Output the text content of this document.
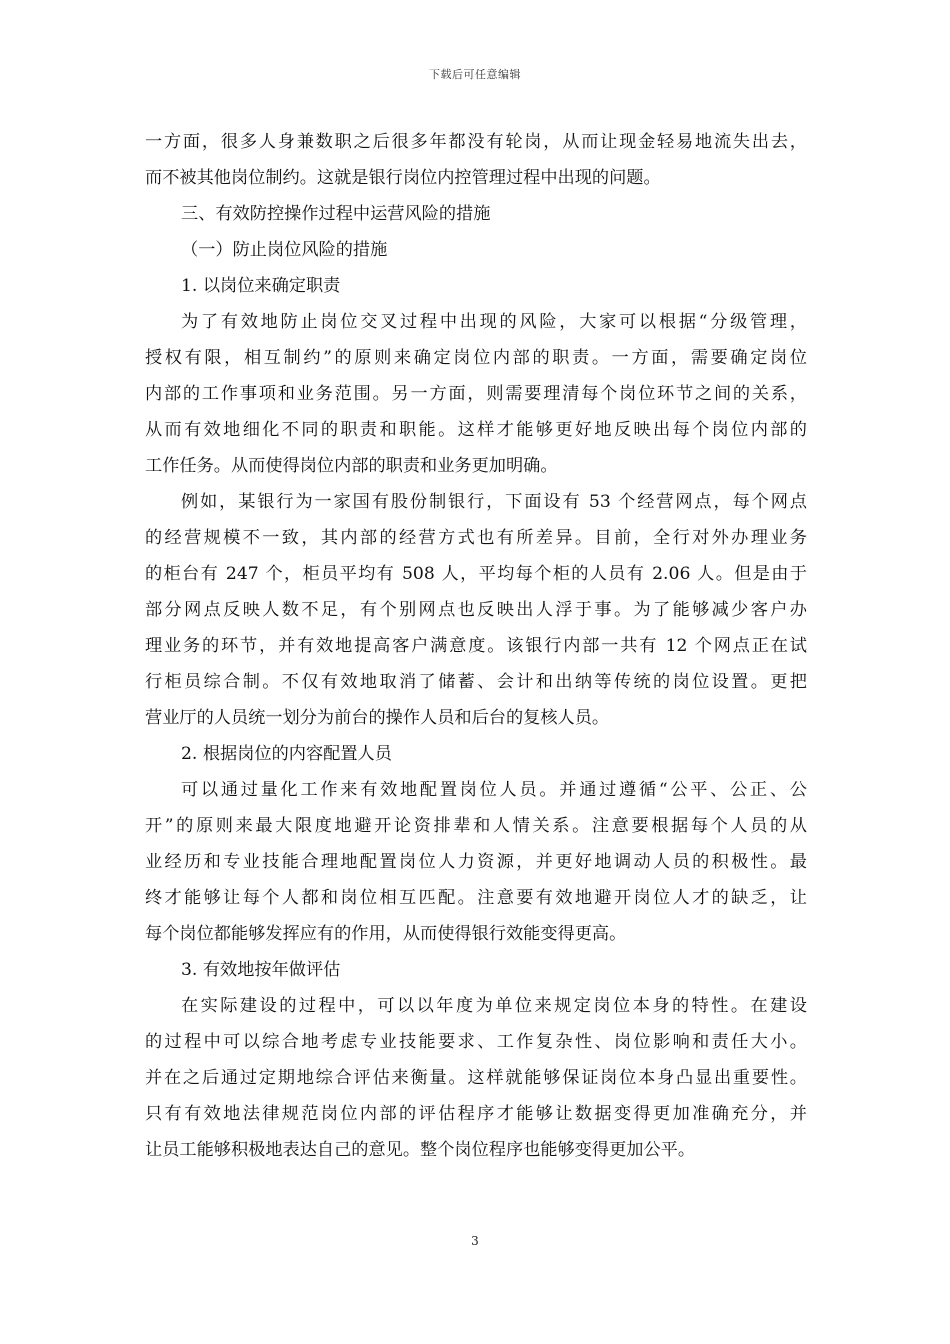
下载后可任意编辑
一方面，很多人身兼数职之后很多年都没有轮岗，从而让现金轻易地流失出去，
而不被其他岗位制约。这就是银行岗位内控管理过程中出现的问题。
三、有效防控操作过程中运营风险的措施
（一）防止岗位风险的措施
1. 以岗位来确定职责
为了有效地防止岗位交叉过程中出现的风险，大家可以根据“分级管理，
授权有限，相互制约”的原则来确定岗位内部的职责。一方面，需要确定岗位
内部的工作事项和业务范围。另一方面，则需要理清每个岗位环节之间的关系，
从而有效地细化不同的职责和职能。这样才能够更好地反映出每个岗位内部的
工作任务。从而使得岗位内部的职责和业务更加明确。
例如，某银行为一家国有股份制银行，下面设有 53 个经营网点，每个网点
的经营规模不一致，其内部的经营方式也有所差异。目前，全行对外办理业务
的柜台有 247 个，柜员平均有 508 人，平均每个柜的人员有 2.06 人。但是由于
部分网点反映人数不足，有个别网点也反映出人浮于事。为了能够减少客户办
理业务的环节，并有效地提高客户满意度。该银行内部一共有 12 个网点正在试
行柜员综合制。不仅有效地取消了储蓄、会计和出纳等传统的岗位设置。更把
营业厅的人员统一划分为前台的操作人员和后台的复核人员。
2. 根据岗位的内容配置人员
可以通过量化工作来有效地配置岗位人员。并通过遵循“公平、公正、公
开”的原则来最大限度地避开论资排辈和人情关系。注意要根据每个人员的从
业经历和专业技能合理地配置岗位人力资源，并更好地调动人员的积极性。最
终才能够让每个人都和岗位相互匹配。注意要有效地避开岗位人才的缺乏，让
每个岗位都能够发挥应有的作用，从而使得银行效能变得更高。
3. 有效地按年做评估
在实际建设的过程中，可以以年度为单位来规定岗位本身的特性。在建设
的过程中可以综合地考虑专业技能要求、工作复杂性、岗位影响和责任大小。
并在之后通过定期地综合评估来衡量。这样就能够保证岗位本身凸显出重要性。
只有有效地法律规范岗位内部的评估程序才能够让数据变得更加准确充分，并
让员工能够积极地表达自己的意见。整个岗位程序也能够变得更加公平。
3
